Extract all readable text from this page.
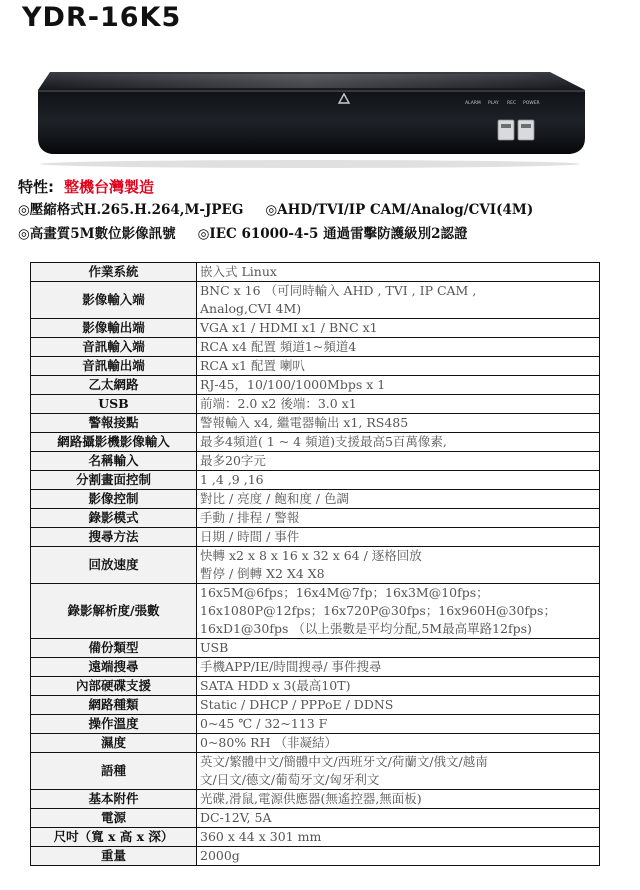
YDR-16K5
ALARM PLAY REC POWER
特性: 整機台灣製造
◎壓縮格式H.265.H.264,M-JPEG ◎AHD/TVI/IP CAM/Analog/CVI(4M)
◎高畫質5M數位影像訊號 ◎IEC 61000-4-5 通過雷擊防護級別2認證
作業系統	嵌入式 Linux
影像輸入端	BNC x 16 （可同時輸入 AHD , TVI , IP CAM ,
Analog,CVI 4M)
影像輸出端	VGA x1 / HDMI x1 / BNC x1
音訊輸入端	RCA x4 配置 頻道1~頻道4
音訊輸出端	RCA x1 配置 喇叭
乙太網路	RJ-45，10/100/1000Mbps x 1
USB	前端：2.0 x2 後端：3.0 x1
警報接點	警報輸入 x4, 繼電器輸出 x1, RS485
網路攝影機影像輸入	最多4頻道( 1 ~ 4 頻道)支援最高5百萬像素,
名稱輸入	最多20字元
分割畫面控制	1 ,4 ,9 ,16
影像控制	對比 / 亮度 / 飽和度 / 色調
錄影模式	手動 / 排程 / 警報
搜尋方法	日期 / 時間 / 事件
回放速度	快轉 x2 x 8 x 16 x 32 x 64 / 逐格回放
暫停 / 倒轉 X2 X4 X8
錄影解析度/張數	16x5M@6fps；16x4M@7fp；16x3M@10fps；
16x1080P@12fps；16x720P@30fps；16x960H@30fps；
16xD1@30fps （以上張數是平均分配,5M最高單路12fps)
備份類型	USB
遠端搜尋	手機APP/IE/時間搜尋/ 事件搜尋
內部硬碟支援	SATA HDD x 3(最高10T)
網路種類	Static / DHCP / PPPoE / DDNS
操作溫度	0~45 ℃ / 32~113 F
濕度	0~80% RH （非凝結）
語種	英文/繁體中文/簡體中文/西班牙文/荷蘭文/俄文/越南
文/日文/德文/葡萄牙文/匈牙利文
基本附件	光碟,滑鼠,電源供應器(無遙控器,無面板)
電源	DC-12V, 5A
尺吋（寬 x 高 x 深）	360 x 44 x 301 mm
重量	2000g
